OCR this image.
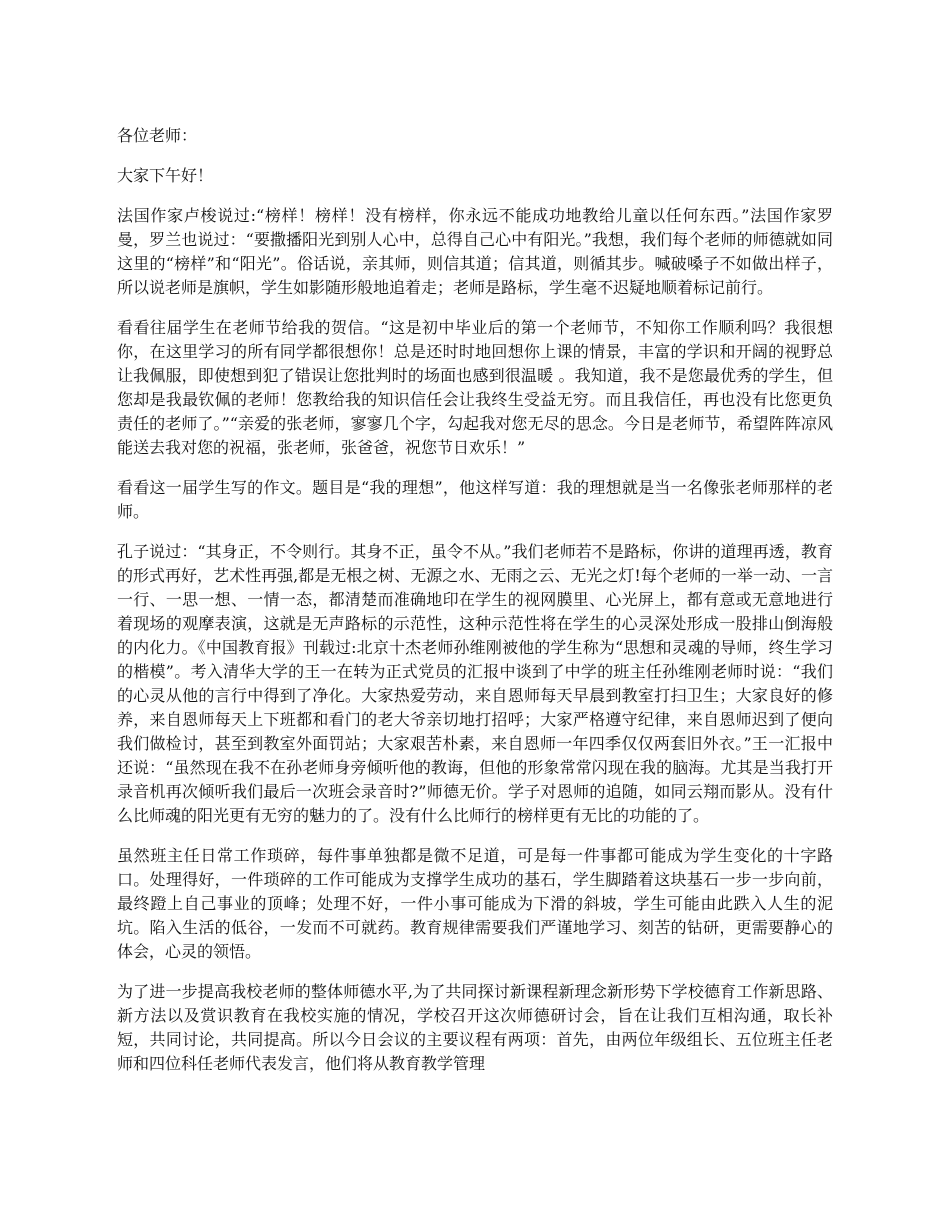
各位老师：

大家下午好！

法国作家卢梭说过:“榜样！榜样！没有榜样，你永远不能成功地教给儿童以任何东西。”法国作家罗曼，罗兰也说过：“要撒播阳光到别人心中，总得自己心中有阳光。”我想，我们每个老师的师德就如同这里的“榜样”和“阳光”。俗话说，亲其师，则信其道；信其道，则循其步。喊破嗓子不如做出样子，所以说老师是旗帜，学生如影随形般地追着走；老师是路标，学生毫不迟疑地顺着标记前行。

看看往届学生在老师节给我的贺信。“这是初中毕业后的第一个老师节，不知你工作顺利吗？我很想你，在这里学习的所有同学都很想你！总是还时时地回想你上课的情景，丰富的学识和开阔的视野总让我佩服，即使想到犯了错误让您批判时的场面也感到很温暖 。我知道，我不是您最优秀的学生，但您却是我最钦佩的老师！您教给我的知识信任会让我终生受益无穷。而且我信任，再也没有比您更负责任的老师了。”“亲爱的张老师，寥寥几个字，勾起我对您无尽的思念。今日是老师节，希望阵阵凉风能送去我对您的祝福，张老师，张爸爸，祝您节日欢乐！”

看看这一届学生写的作文。题目是“我的理想”，他这样写道：我的理想就是当一名像张老师那样的老师。

孔子说过：“其身正，不令则行。其身不正，虽令不从。”我们老师若不是路标，你讲的道理再透，教育的形式再好，艺术性再强,都是无根之树、无源之水、无雨之云、无光之灯!每个老师的一举一动、一言一行、一思一想、一情一态，都清楚而准确地印在学生的视网膜里、心光屏上，都有意或无意地进行着现场的观摩表演，这就是无声路标的示范性，这种示范性将在学生的心灵深处形成一股排山倒海般的内化力。《中国教育报》刊载过:北京十杰老师孙维刚被他的学生称为“思想和灵魂的导师，终生学习的楷模”。考入清华大学的王一在转为正式党员的汇报中谈到了中学的班主任孙维刚老师时说：“我们的心灵从他的言行中得到了净化。大家热爱劳动，来自恩师每天早晨到教室打扫卫生；大家良好的修养，来自恩师每天上下班都和看门的老大爷亲切地打招呼；大家严格遵守纪律，来自恩师迟到了便向我们做检讨，甚至到教室外面罚站；大家艰苦朴素，来自恩师一年四季仅仅两套旧外衣。”王一汇报中还说：“虽然现在我不在孙老师身旁倾听他的教诲，但他的形象常常闪现在我的脑海。尤其是当我打开录音机再次倾听我们最后一次班会录音时?”师德无价。学子对恩师的追随，如同云翔而影从。没有什么比师魂的阳光更有无穷的魅力的了。没有什么比师行的榜样更有无比的功能的了。

虽然班主任日常工作琐碎，每件事单独都是微不足道，可是每一件事都可能成为学生变化的十字路口。处理得好，一件琐碎的工作可能成为支撑学生成功的基石，学生脚踏着这块基石一步一步向前，最终蹬上自己事业的顶峰；处理不好，一件小事可能成为下滑的斜坡，学生可能由此跌入人生的泥坑。陷入生活的低谷，一发而不可就药。教育规律需要我们严谨地学习、刻苦的钻研，更需要静心的体会，心灵的领悟。

为了进一步提高我校老师的整体师德水平,为了共同探讨新课程新理念新形势下学校德育工作新思路、新方法以及赏识教育在我校实施的情况，学校召开这次师德研讨会，旨在让我们互相沟通，取长补短，共同讨论，共同提高。所以今日会议的主要议程有两项：首先，由两位年级组长、五位班主任老师和四位科任老师代表发言，他们将从教育教学管理
